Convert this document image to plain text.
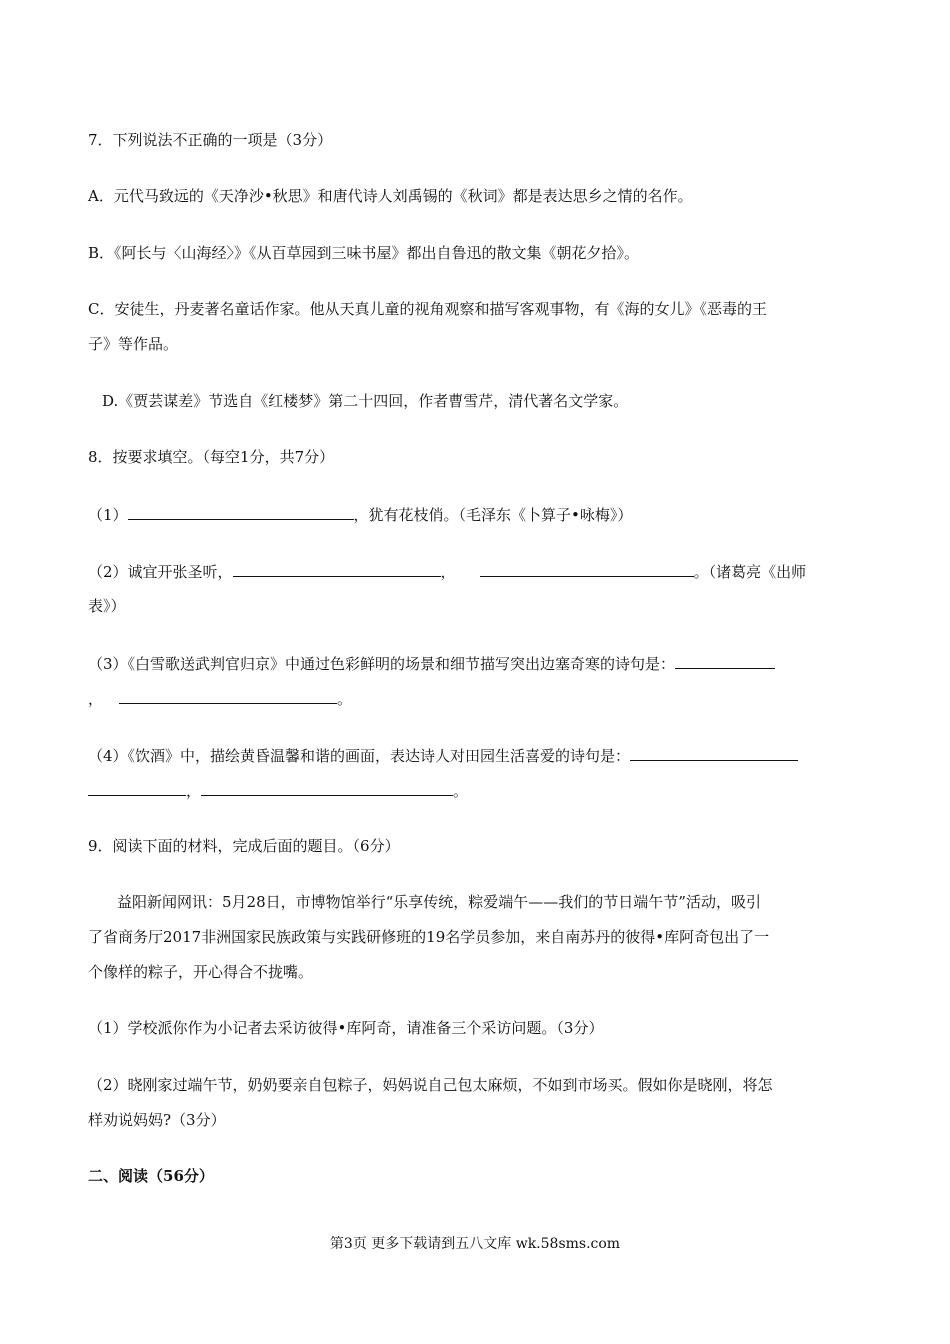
7．下列说法不正确的一项是（3分）
A．元代马致远的《天净沙•秋思》和唐代诗人刘禹锡的《秋词》都是表达思乡之情的名作。
B．《阿长与〈山海经〉》《从百草园到三味书屋》都出自鲁迅的散文集《朝花夕拾》。
C．安徒生，丹麦著名童话作家。他从天真儿童的视角观察和描写客观事物，有《海的女儿》《恶毒的王
子》等作品。
D.《贾芸谋差》节选自《红楼梦》第二十四回，作者曹雪芹，清代著名文学家。
8．按要求填空。（每空1分，共7分）
（1）	，犹有花枝俏。（毛泽东《卜算子•咏梅》）
（2）诚宜开张圣听，	，	。（诸葛亮《出师
表》）
（3）《白雪歌送武判官归京》中通过色彩鲜明的场景和细节描写突出边塞奇寒的诗句是：
，	。
（4）《饮酒》中，描绘黄昏温馨和谐的画面，表达诗人对田园生活喜爱的诗句是：
，	。
9．阅读下面的材料，完成后面的题目。（6分）
益阳新闻网讯：5月28日，市博物馆举行“乐享传统，粽爱端午——我们的节日端午节”活动，吸引
了省商务厅2017非洲国家民族政策与实践研修班的19名学员参加，来自南苏丹的彼得•库阿奇包出了一
个像样的粽子，开心得合不拢嘴。
（1）学校派你作为小记者去采访彼得•库阿奇，请准备三个采访问题。（3分）
（2）晓刚家过端午节，奶奶要亲自包粽子，妈妈说自己包太麻烦，不如到市场买。假如你是晓刚，将怎
样劝说妈妈?（3分）
二、阅读（56分）
第3页 更多下载请到五八文库 wk.58sms.com
